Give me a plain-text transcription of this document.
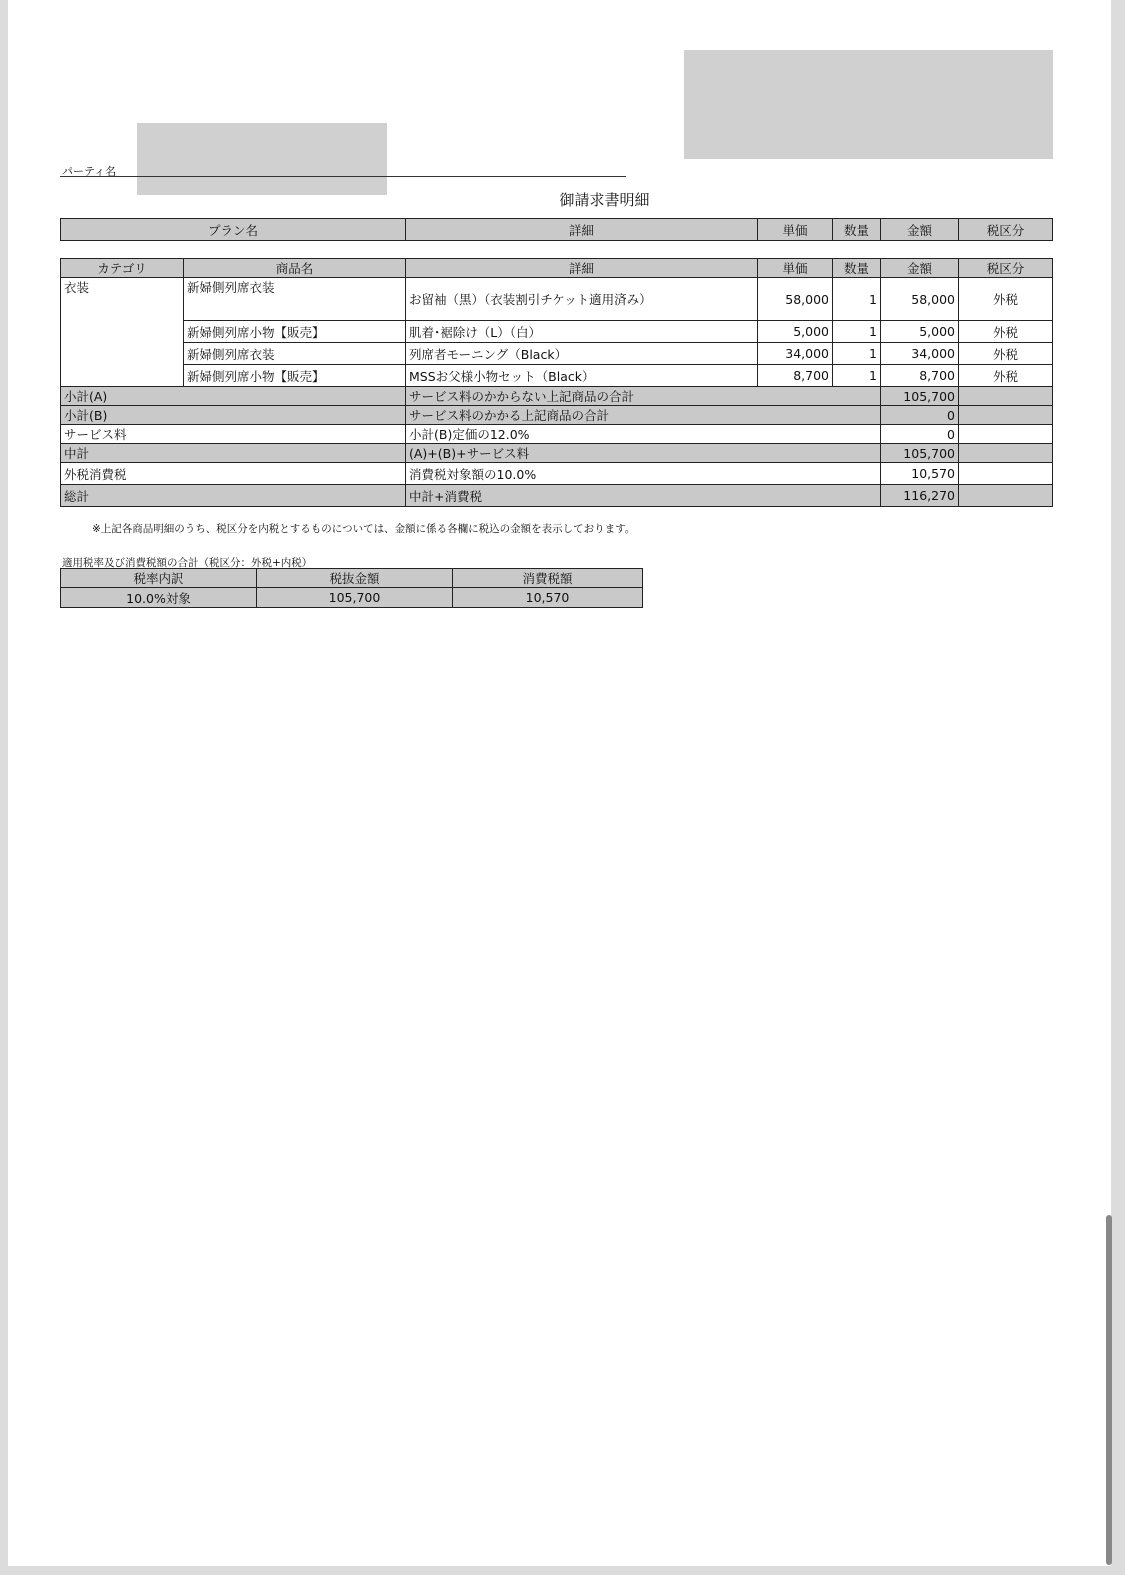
パーティ名
御請求書明細
プラン名	詳細	単価	数量	金額	税区分
カテゴリ	商品名	詳細	単価	数量	金額	税区分
衣装	新婦側列席衣装	お留袖（黒）（衣装割引チケット適用済み）	58,000	1	58,000	外税
	新婦側列席小物【販売】	肌着･裾除け（L）（白）	5,000	1	5,000	外税
	新婦側列席衣装	列席者モーニング（Black）	34,000	1	34,000	外税
	新婦側列席小物【販売】	MSSお父様小物セット（Black）	8,700	1	8,700	外税
小計(A)		サービス料のかからない上記商品の合計			105,700	
小計(B)		サービス料のかかる上記商品の合計			0	
サービス料		小計(B)定価の12.0%			0	
中計		(A)+(B)+サービス料			105,700	
外税消費税		消費税対象額の10.0%			10,570	
総計		中計+消費税			116,270	
※上記各商品明細のうち、税区分を内税とするものについては、金額に係る各欄に税込の金額を表示しております。
適用税率及び消費税額の合計（税区分：外税+内税）
税率内訳	税抜金額	消費税額
10.0%対象	105,700	10,570
